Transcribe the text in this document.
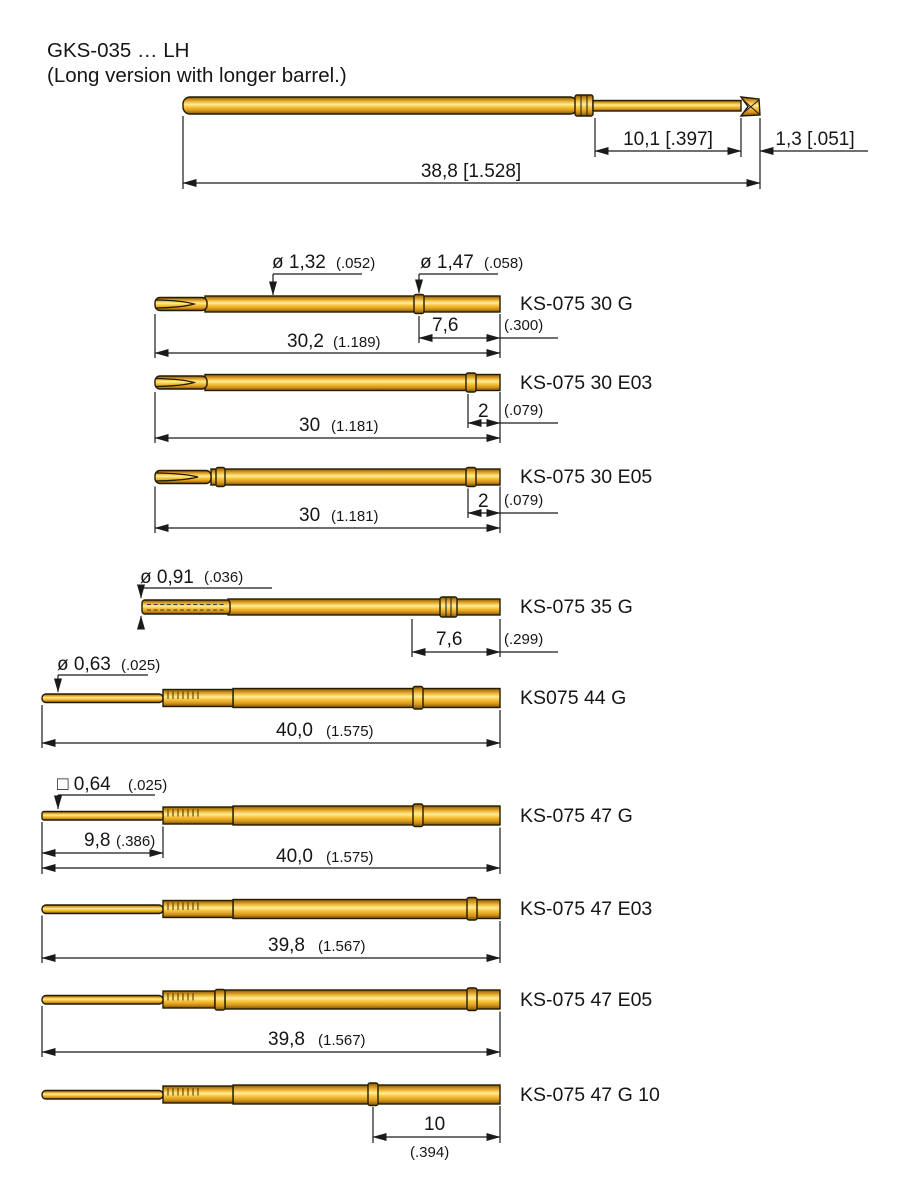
GKS-035 … LH
(Long version with longer barrel.)
10,1 [.397]	1,3 [.051]
38,8 [1.528]
ø 1,32 (.052) ø 1,47 (.058)
7,6	(.300)
30,2 (1.189)
KS-075 30 G
2 (.079)
30 (1.181)
KS-075 30 E03
2 (.079)
30 (1.181)
KS-075 30 E05
ø 0,91 (.036)
7,6	(.299)
KS-075 35 G
ø 0,63 (.025)
40,0 (1.575)
KS075 44 G
□ 0,64 (.025)
9,8 (.386)
40,0 (1.575)
KS-075 47 G
39,8 (1.567)
KS-075 47 E03
39,8 (1.567)
KS-075 47 E05
10
(.394)
KS-075 47 G 10
